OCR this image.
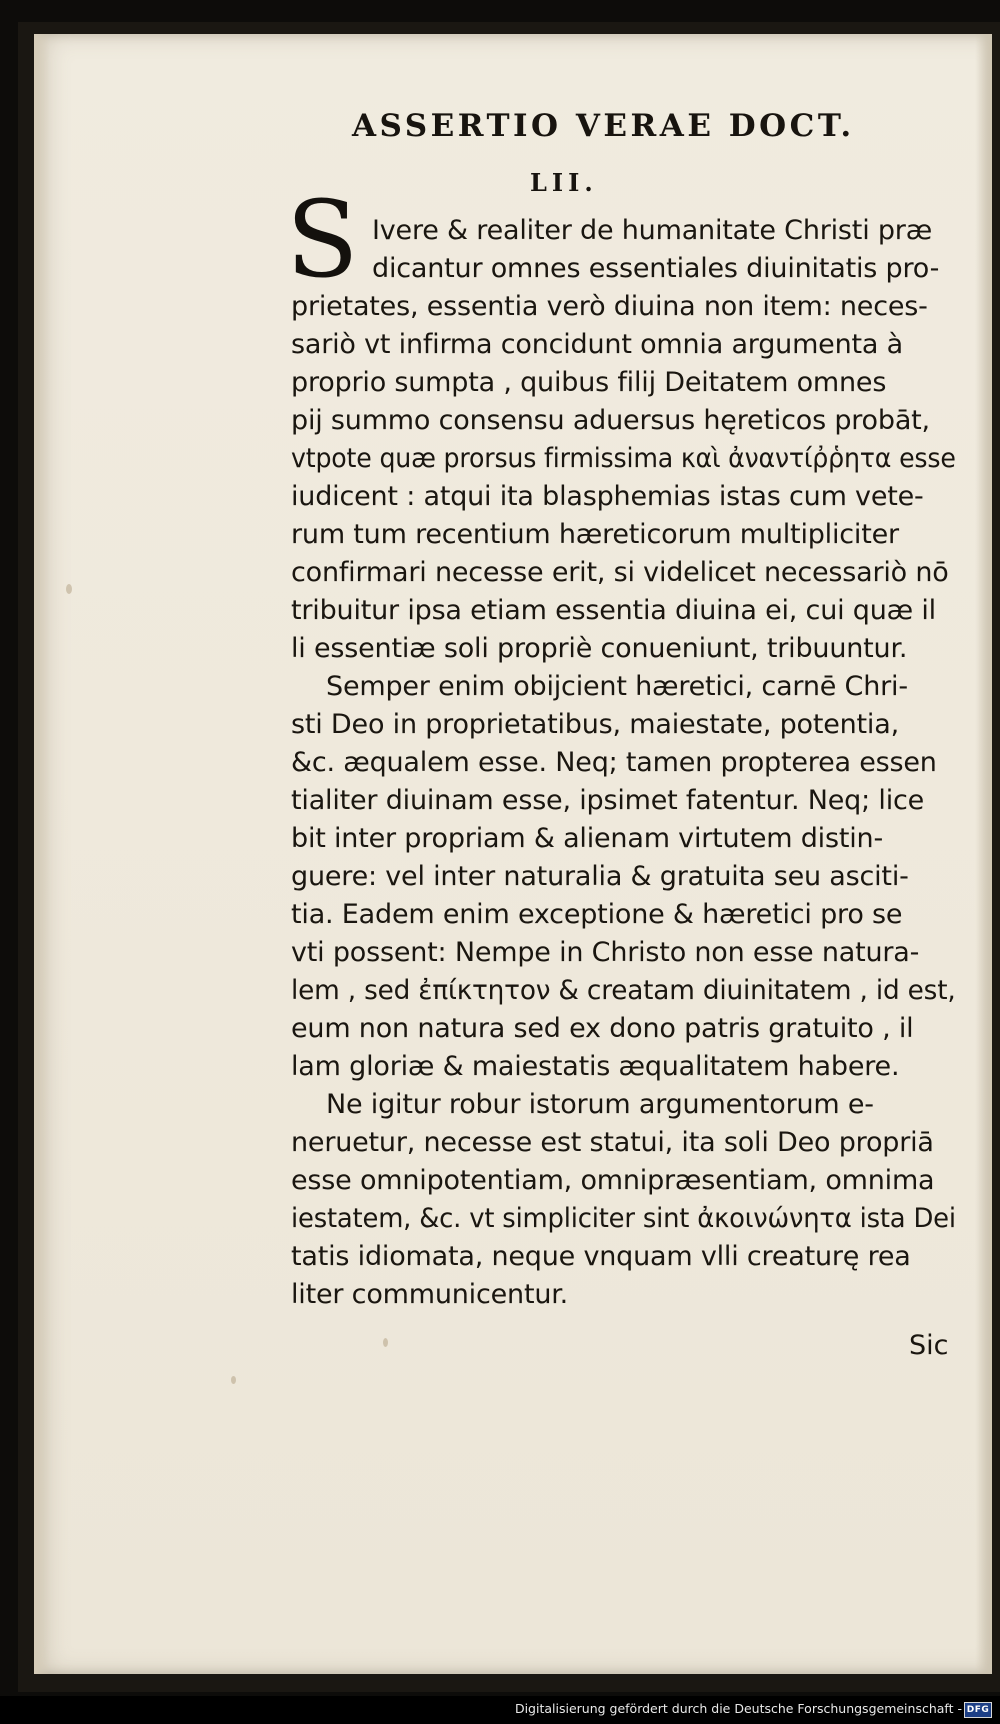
ASSERTIO VERAE DOCT.
LII.
S Ivere & realiter de humanitate Christi præ
dicantur omnes essentiales diuinitatis pro-
prietates, essentia verò diuina non item: neces-
sariò vt infirma concidunt omnia argumenta à
proprio sumpta , quibus filij Deitatem omnes
pij summo consensu aduersus hęreticos probāt,
vtpote quæ prorsus firmissima καὶ ἀναντίῤῥητα esse
iudicent : atqui ita blasphemias istas cum vete-
rum tum recentium hæreticorum multipliciter
confirmari necesse erit, si videlicet necessariò nō
tribuitur ipsa etiam essentia diuina ei, cui quæ il
li essentiæ soli propriè conueniunt, tribuuntur.
Semper enim obijcient hæretici, carnē Chri-
sti Deo in proprietatibus, maiestate, potentia,
&c. æqualem esse. Neq; tamen propterea essen
tialiter diuinam esse, ipsimet fatentur. Neq; lice
bit inter propriam & alienam virtutem distin-
guere: vel inter naturalia & gratuita seu asciti-
tia. Eadem enim exceptione & hæretici pro se
vti possent: Nempe in Christo non esse natura-
lem , sed ἐπίκτητον & creatam diuinitatem , id est,
eum non natura sed ex dono patris gratuito , il
lam gloriæ & maiestatis æqualitatem habere.
Ne igitur robur istorum argumentorum e-
neruetur, necesse est statui, ita soli Deo propriā
esse omnipotentiam, omnipræsentiam, omnima
iestatem, &c. vt simpliciter sint ἀκοινώνητα ista Dei
tatis idiomata, neque vnquam vlli creaturę rea
liter communicentur.
Sic
Digitalisierung gefördert durch die Deutsche Forschungsgemeinschaft - DFG
